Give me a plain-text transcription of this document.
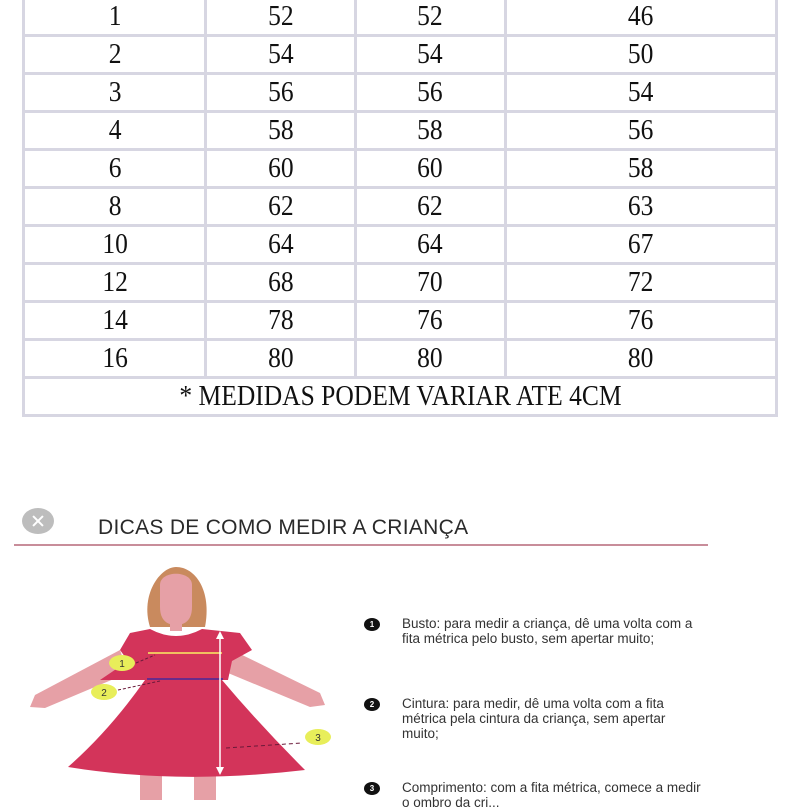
1	52	52	46
2	54	54	50
3	56	56	54
4	58	58	56
6	60	60	58
8	62	62	63
10	64	64	67
12	68	70	72
14	78	76	76
16	80	80	80
* MEDIDAS PODEM VARIAR ATE 4CM			
DICAS DE COMO MEDIR A CRIANÇA
1
2
3
1	Busto: para medir a criança, dê uma volta com a fita métrica pelo busto, sem apertar muito;
2	Cintura: para medir, dê uma volta com a fita métrica pela cintura da criança, sem apertar muito;
3	Comprimento: com a fita métrica, comece a medir o ombro da cri...
